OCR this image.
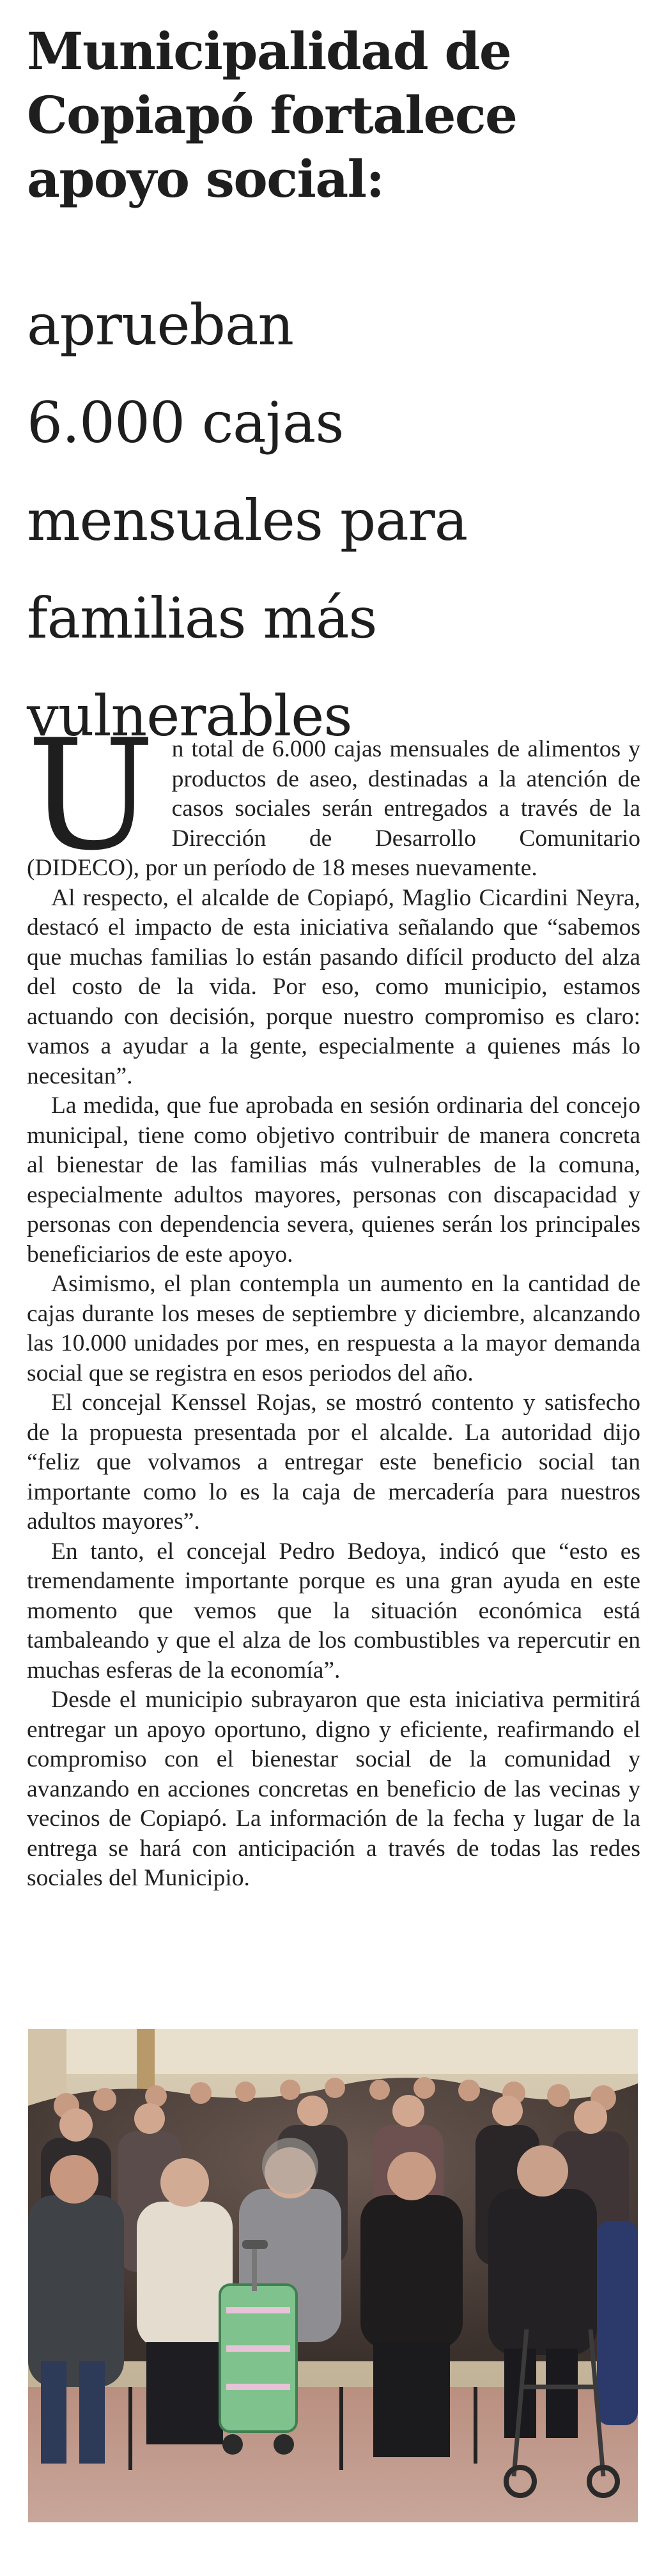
Municipalidad de
Copiapó fortalece
apoyo social:
aprueban
6.000 cajas
mensuales para
familias más
vulnerables

Un total de 6.000 cajas mensuales de alimentos y productos de aseo, destinadas a la atención de casos sociales serán entregados a través de la Dirección de Desarrollo Comunitario (DIDECO), por un período de 18 meses nuevamente.

Al respecto, el alcalde de Copiapó, Maglio Cicardini Neyra, destacó el impacto de esta iniciativa señalando que “sabemos que muchas familias lo están pasando difícil producto del alza del costo de la vida. Por eso, como municipio, estamos actuando con decisión, porque nuestro compromiso es claro: vamos a ayudar a la gente, especialmente a quienes más lo necesitan”.

La medida, que fue aprobada en sesión ordinaria del concejo municipal, tiene como objetivo contribuir de manera concreta al bienestar de las familias más vulnerables de la comuna, especialmente adultos mayores, personas con discapacidad y personas con dependencia severa, quienes serán los principales beneficiarios de este apoyo.

Asimismo, el plan contempla un aumento en la cantidad de cajas durante los meses de septiembre y diciembre, alcanzando las 10.000 unidades por mes, en respuesta a la mayor demanda social que se registra en esos periodos del año.

El concejal Kenssel Rojas, se mostró contento y satisfecho de la propuesta presentada por el alcalde. La autoridad dijo “feliz que volvamos a entregar este beneficio social tan importante como lo es la caja de mercadería para nuestros adultos mayores”.

En tanto, el concejal Pedro Bedoya, indicó que “esto es tremendamente importante porque es una gran ayuda en este momento que vemos que la situación económica está tambaleando y que el alza de los combustibles va repercutir en muchas esferas de la economía”.

Desde el municipio subrayaron que esta iniciativa permitirá entregar un apoyo oportuno, digno y eficiente, reafirmando el compromiso con el bienestar social de la comunidad y avanzando en acciones concretas en beneficio de las vecinas y vecinos de Copiapó. La información de la fecha y lugar de la entrega se hará con anticipación a través de todas las redes sociales del Municipio.
